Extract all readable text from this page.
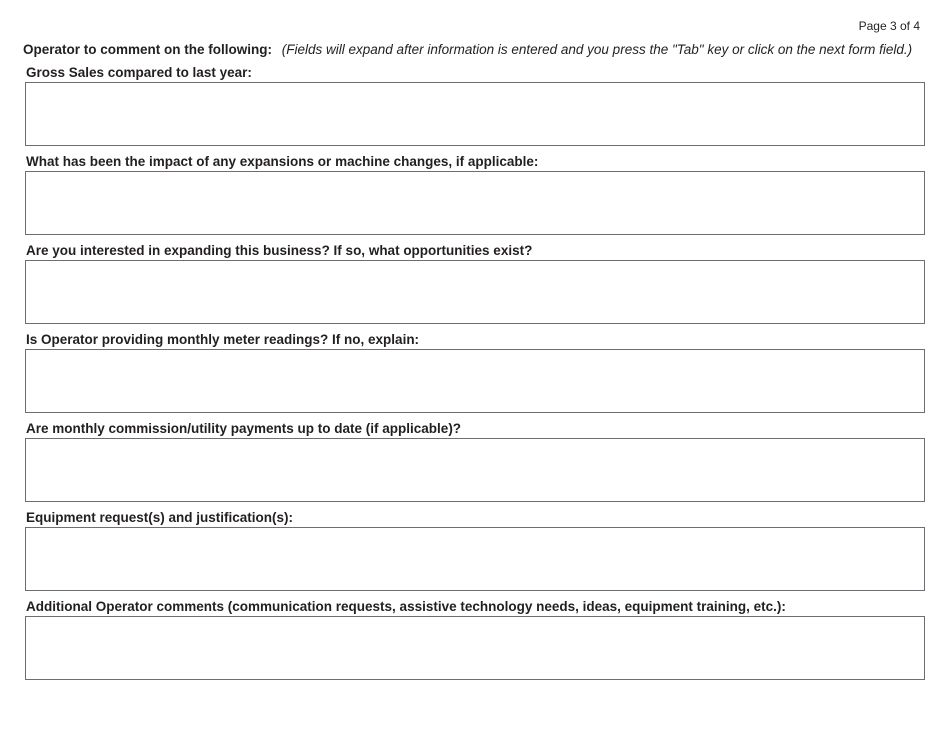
Page 3 of 4
Operator to comment on the following: (Fields will expand after information is entered and you press the "Tab" key or click on the next form field.)
Gross Sales compared to last year:
What has been the impact of any expansions or machine changes, if applicable:
Are you interested in expanding this business? If so, what opportunities exist?
Is Operator providing monthly meter readings? If no, explain:
Are monthly commission/utility payments up to date (if applicable)?
Equipment request(s) and justification(s):
Additional Operator comments (communication requests, assistive technology needs, ideas, equipment training, etc.):
